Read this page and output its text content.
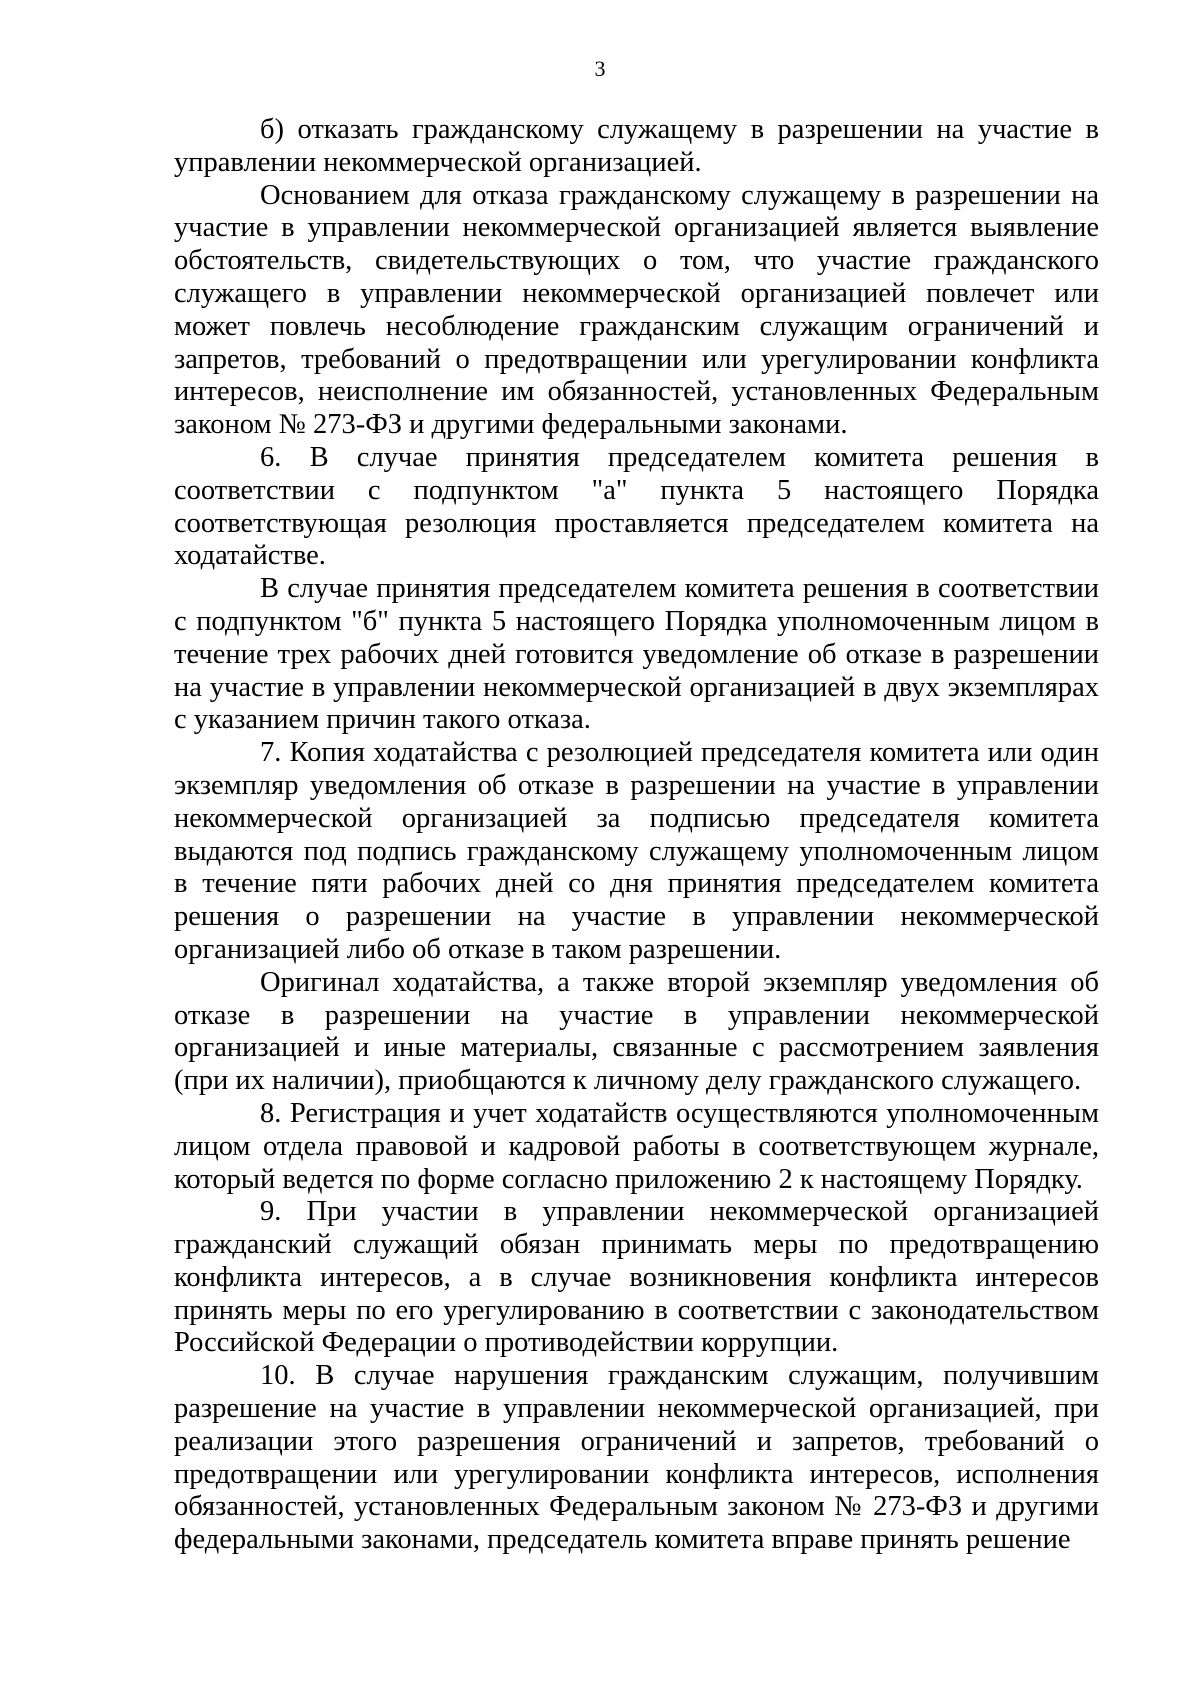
3

б) отказать гражданскому служащему в разрешении на участие в управлении некоммерческой организацией.

Основанием для отказа гражданскому служащему в разрешении на участие в управлении некоммерческой организацией является выявление обстоятельств, свидетельствующих о том, что участие гражданского служащего в управлении некоммерческой организацией повлечет или может повлечь несоблюдение гражданским служащим ограничений и запретов, требований о предотвращении или урегулировании конфликта интересов, неисполнение им обязанностей, установленных Федеральным законом № 273-ФЗ и другими федеральными законами.

6. В случае принятия председателем комитета решения в соответствии с подпунктом "а" пункта 5 настоящего Порядка соответствующая резолюция проставляется председателем комитета на ходатайстве.

В случае принятия председателем комитета решения в соответствии с подпунктом "б" пункта 5 настоящего Порядка уполномоченным лицом в течение трех рабочих дней готовится уведомление об отказе в разрешении на участие в управлении некоммерческой организацией в двух экземплярах с указанием причин такого отказа.

7. Копия ходатайства с резолюцией председателя комитета или один экземпляр уведомления об отказе в разрешении на участие в управлении некоммерческой организацией за подписью председателя комитета выдаются под подпись гражданскому служащему уполномоченным лицом в течение пяти рабочих дней со дня принятия председателем комитета решения о разрешении на участие в управлении некоммерческой организацией либо об отказе в таком разрешении.

Оригинал ходатайства, а также второй экземпляр уведомления об отказе в разрешении на участие в управлении некоммерческой организацией и иные материалы, связанные с рассмотрением заявления (при их наличии), приобщаются к личному делу гражданского служащего.

8. Регистрация и учет ходатайств осуществляются уполномоченным лицом отдела правовой и кадровой работы в соответствующем журнале, который ведется по форме согласно приложению 2 к настоящему Порядку.

9. При участии в управлении некоммерческой организацией гражданский служащий обязан принимать меры по предотвращению конфликта интересов, а в случае возникновения конфликта интересов принять меры по его урегулированию в соответствии с законодательством Российской Федерации о противодействии коррупции.

10. В случае нарушения гражданским служащим, получившим разрешение на участие в управлении некоммерческой организацией, при реализации этого разрешения ограничений и запретов, требований о предотвращении или урегулировании конфликта интересов, исполнения обязанностей, установленных Федеральным законом № 273-ФЗ и другими федеральными законами, председатель комитета вправе принять решение
